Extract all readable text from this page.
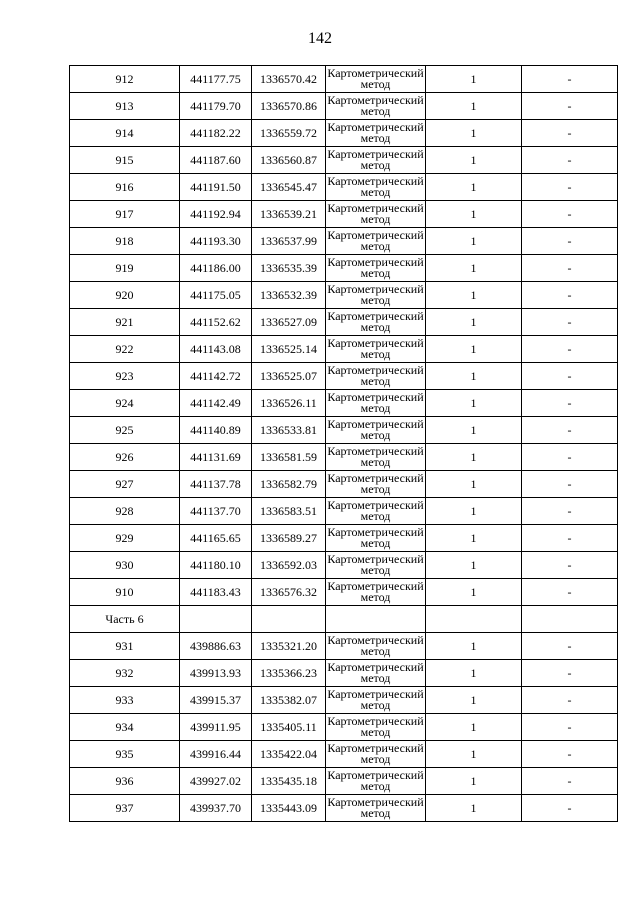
142
912	441177.75	1336570.42	Картометрический метод	1	-
913	441179.70	1336570.86	Картометрический метод	1	-
914	441182.22	1336559.72	Картометрический метод	1	-
915	441187.60	1336560.87	Картометрический метод	1	-
916	441191.50	1336545.47	Картометрический метод	1	-
917	441192.94	1336539.21	Картометрический метод	1	-
918	441193.30	1336537.99	Картометрический метод	1	-
919	441186.00	1336535.39	Картометрический метод	1	-
920	441175.05	1336532.39	Картометрический метод	1	-
921	441152.62	1336527.09	Картометрический метод	1	-
922	441143.08	1336525.14	Картометрический метод	1	-
923	441142.72	1336525.07	Картометрический метод	1	-
924	441142.49	1336526.11	Картометрический метод	1	-
925	441140.89	1336533.81	Картометрический метод	1	-
926	441131.69	1336581.59	Картометрический метод	1	-
927	441137.78	1336582.79	Картометрический метод	1	-
928	441137.70	1336583.51	Картометрический метод	1	-
929	441165.65	1336589.27	Картометрический метод	1	-
930	441180.10	1336592.03	Картометрический метод	1	-
910	441183.43	1336576.32	Картометрический метод	1	-
Часть 6					
931	439886.63	1335321.20	Картометрический метод	1	-
932	439913.93	1335366.23	Картометрический метод	1	-
933	439915.37	1335382.07	Картометрический метод	1	-
934	439911.95	1335405.11	Картометрический метод	1	-
935	439916.44	1335422.04	Картометрический метод	1	-
936	439927.02	1335435.18	Картометрический метод	1	-
937	439937.70	1335443.09	Картометрический метод	1	-
